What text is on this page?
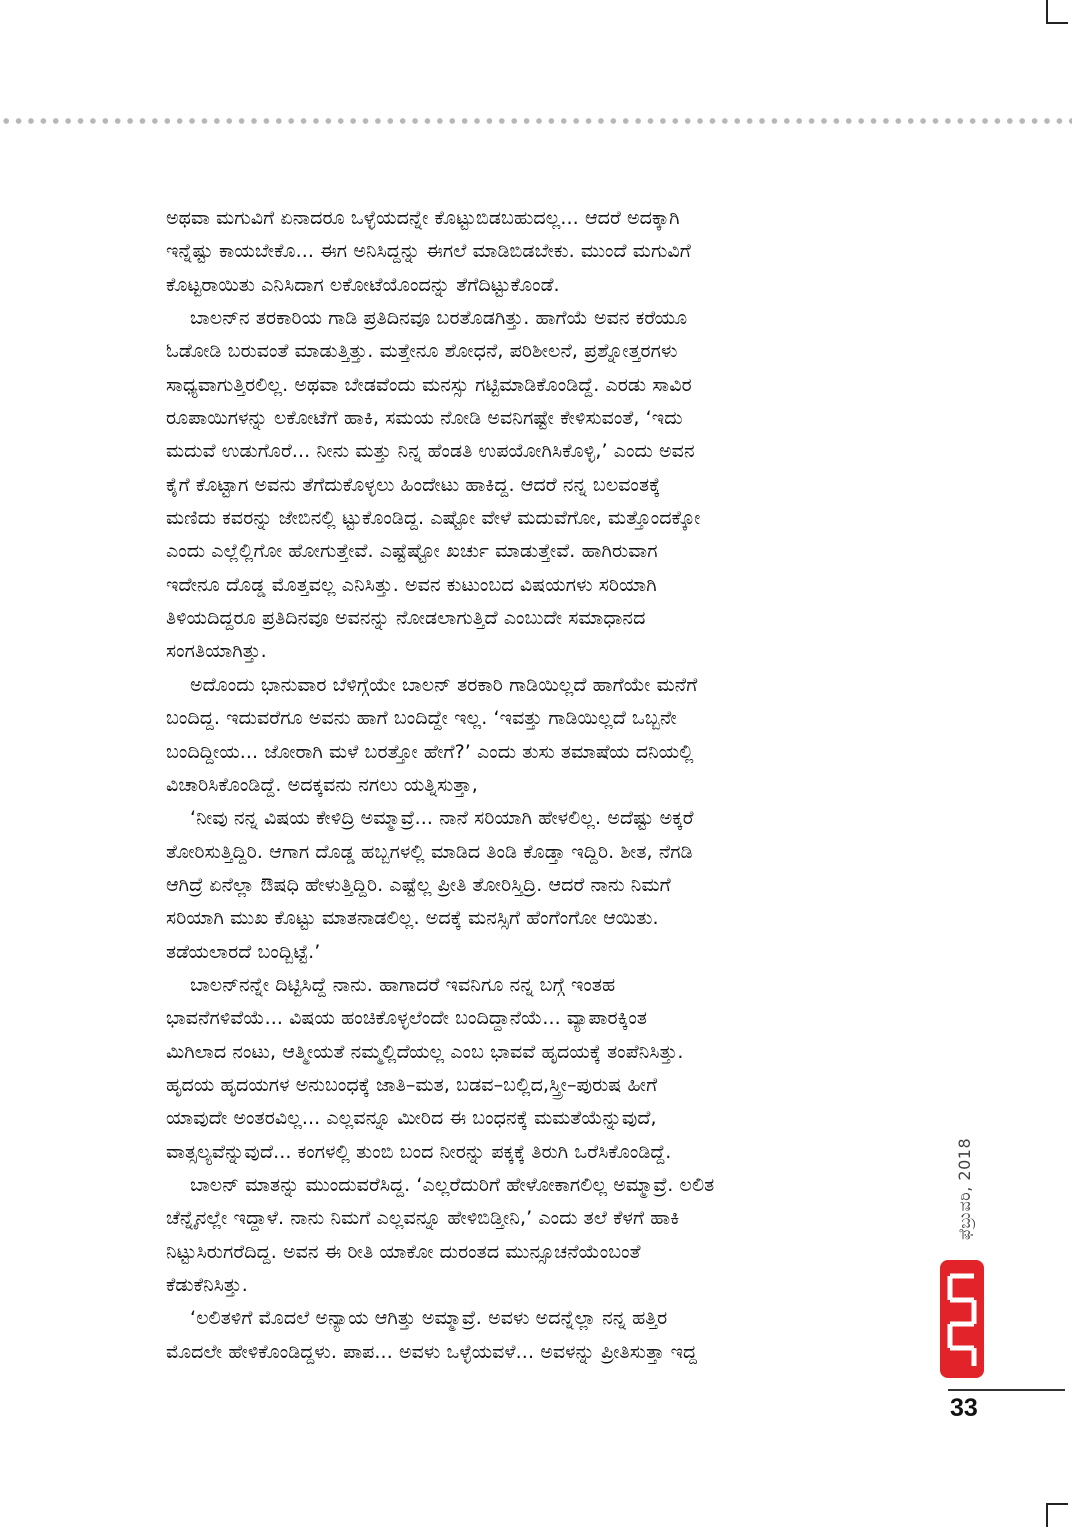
ಅಥವಾ ಮಗುವಿಗೆ ಏನಾದರೂ ಒಳ್ಳೆಯದನ್ನೇ ಕೊಟ್ಟುಬಿಡಬಹುದಲ್ಲ... ಆದರೆ ಅದಕ್ಕಾಗಿ
ಇನ್ನೆಷ್ಟು ಕಾಯಬೇಕೊ... ಈಗ ಅನಿಸಿದ್ದನ್ನು ಈಗಲೆ ಮಾಡಿಬಿಡಬೇಕು. ಮುಂದೆ ಮಗುವಿಗೆ
ಕೊಟ್ಟರಾಯಿತು ಎನಿಸಿದಾಗ ಲಕೋಟೆಯೊಂದನ್ನು ತೆಗೆದಿಟ್ಟುಕೊಂಡೆ.
ಬಾಲನ್‌ನ ತರಕಾರಿಯ ಗಾಡಿ ಪ್ರತಿದಿನವೂ ಬರತೊಡಗಿತ್ತು. ಹಾಗೆಯೆ ಅವನ ಕರೆಯೂ
ಓಡೋಡಿ ಬರುವಂತೆ ಮಾಡುತ್ತಿತ್ತು. ಮತ್ತೇನೂ ಶೋಧನೆ, ಪರಿಶೀಲನೆ, ಪ್ರಶ್ನೋತ್ತರಗಳು
ಸಾಧ್ಯವಾಗುತ್ತಿರಲಿಲ್ಲ. ಅಥವಾ ಬೇಡವೆಂದು ಮನಸ್ಸು ಗಟ್ಟಿಮಾಡಿಕೊಂಡಿದ್ದೆ. ಎರಡು ಸಾವಿರ
ರೂಪಾಯಿಗಳನ್ನು ಲಕೋಟೆಗೆ ಹಾಕಿ, ಸಮಯ ನೋಡಿ ಅವನಿಗಷ್ಟೇ ಕೇಳಿಸುವಂತೆ, ‘ಇದು
ಮದುವೆ ಉಡುಗೊರೆ... ನೀನು ಮತ್ತು ನಿನ್ನ ಹೆಂಡತಿ ಉಪಯೋಗಿಸಿಕೊಳ್ಳಿ,’ ಎಂದು ಅವನ
ಕೈಗೆ ಕೊಟ್ಟಾಗ ಅವನು ತೆಗೆದುಕೊಳ್ಳಲು ಹಿಂದೇಟು ಹಾಕಿದ್ದ. ಆದರೆ ನನ್ನ ಬಲವಂತಕ್ಕೆ
ಮಣಿದು ಕವರನ್ನು ಜೇಬಿನಲ್ಲಿ ಟ್ಟುಕೊಂಡಿದ್ದ. ಎಷ್ಟೋ ವೇಳೆ ಮದುವೆಗೋ, ಮತ್ತೊಂದಕ್ಕೋ
ಎಂದು ಎಲ್ಲೆಲ್ಲಿಗೋ ಹೋಗುತ್ತೇವೆ. ಎಷ್ಟೆಷ್ಟೋ ಖರ್ಚು ಮಾಡುತ್ತೇವೆ. ಹಾಗಿರುವಾಗ
ಇದೇನೂ ದೊಡ್ಡ ಮೊತ್ತವಲ್ಲ ಎನಿಸಿತ್ತು. ಅವನ ಕುಟುಂಬದ ವಿಷಯಗಳು ಸರಿಯಾಗಿ
ತಿಳಿಯದಿದ್ದರೂ ಪ್ರತಿದಿನವೂ ಅವನನ್ನು ನೋಡಲಾಗುತ್ತಿದೆ ಎಂಬುದೇ ಸಮಾಧಾನದ
ಸಂಗತಿಯಾಗಿತ್ತು.
ಅದೊಂದು ಭಾನುವಾರ ಬೆಳಿಗ್ಗೆಯೇ ಬಾಲನ್ ತರಕಾರಿ ಗಾಡಿಯಿಲ್ಲದೆ ಹಾಗೆಯೇ ಮನೆಗೆ
ಬಂದಿದ್ದ. ಇದುವರೆಗೂ ಅವನು ಹಾಗೆ ಬಂದಿದ್ದೇ ಇಲ್ಲ. ‘ಇವತ್ತು ಗಾಡಿಯಿಲ್ಲದೆ ಒಬ್ಬನೇ
ಬಂದಿದ್ದೀಯ... ಜೋರಾಗಿ ಮಳೆ ಬರತ್ತೋ ಹೇಗೆ?’ ಎಂದು ತುಸು ತಮಾಷೆಯ ದನಿಯಲ್ಲಿ
ವಿಚಾರಿಸಿಕೊಂಡಿದ್ದೆ. ಅದಕ್ಕವನು ನಗಲು ಯತ್ನಿಸುತ್ತಾ,
‘ನೀವು ನನ್ನ ವಿಷಯ ಕೇಳಿದ್ರಿ ಅಮ್ಮಾವ್ರೆ... ನಾನೆ ಸರಿಯಾಗಿ ಹೇಳಲಿಲ್ಲ. ಅದೆಷ್ಟು ಅಕ್ಕರೆ
ತೋರಿಸುತ್ತಿದ್ದಿರಿ. ಆಗಾಗ ದೊಡ್ಡ ಹಬ್ಬಗಳಲ್ಲಿ ಮಾಡಿದ ತಿಂಡಿ ಕೊಡ್ತಾ ಇದ್ದಿರಿ. ಶೀತ, ನೆಗಡಿ
ಆಗಿದ್ರೆ ಏನೆಲ್ಲಾ ಔಷಧಿ ಹೇಳುತ್ತಿದ್ದಿರಿ. ಎಷ್ಟೆಲ್ಲ ಪ್ರೀತಿ ತೋರಿಸ್ತಿದ್ರಿ. ಆದರೆ ನಾನು ನಿಮಗೆ
ಸರಿಯಾಗಿ ಮುಖ ಕೊಟ್ಟು ಮಾತನಾಡಲಿಲ್ಲ. ಅದಕ್ಕೆ ಮನಸ್ಸಿಗೆ ಹೆಂಗೆಂಗೋ ಆಯಿತು.
ತಡೆಯಲಾರದೆ ಬಂದ್ಬಿಟ್ಟೆ.’
ಬಾಲನ್‌ನನ್ನೇ ದಿಟ್ಟಿಸಿದ್ದೆ ನಾನು. ಹಾಗಾದರೆ ಇವನಿಗೂ ನನ್ನ ಬಗ್ಗೆ ಇಂತಹ
ಭಾವನೆಗಳಿವೆಯೆ... ವಿಷಯ ಹಂಚಿಕೊಳ್ಳಲೆಂದೇ ಬಂದಿದ್ದಾನೆಯೆ... ವ್ಯಾಪಾರಕ್ಕಿಂತ
ಮಿಗಿಲಾದ ನಂಟು, ಆತ್ಮೀಯತೆ ನಮ್ಮಲ್ಲಿದೆಯಲ್ಲ ಎಂಬ ಭಾವವೆ ಹೃದಯಕ್ಕೆ ತಂಪೆನಿಸಿತ್ತು.
ಹೃದಯ ಹೃದಯಗಳ ಅನುಬಂಧಕ್ಕೆ ಜಾತಿ–ಮತ, ಬಡವ–ಬಲ್ಲಿದ,ಸ್ತ್ರೀ–ಪುರುಷ ಹೀಗೆ
ಯಾವುದೇ ಅಂತರವಿಲ್ಲ... ಎಲ್ಲವನ್ನೂ ಮೀರಿದ ಈ ಬಂಧನಕ್ಕೆ ಮಮತೆಯೆನ್ನುವುದೆ,
ವಾತ್ಸಲ್ಯವೆನ್ನುವುದೆ... ಕಂಗಳಲ್ಲಿ ತುಂಬಿ ಬಂದ ನೀರನ್ನು ಪಕ್ಕಕ್ಕೆ ತಿರುಗಿ ಒರೆಸಿಕೊಂಡಿದ್ದೆ.
ಬಾಲನ್ ಮಾತನ್ನು ಮುಂದುವರೆಸಿದ್ದ. ‘ಎಲ್ಲರೆದುರಿಗೆ ಹೇಳೋಕಾಗಲಿಲ್ಲ ಅಮ್ಮಾವ್ರೆ. ಲಲಿತ
ಚೆನ್ನೈನಲ್ಲೇ ಇದ್ದಾಳೆ. ನಾನು ನಿಮಗೆ ಎಲ್ಲವನ್ನೂ ಹೇಳಿಬಿಡ್ತೀನಿ,’ ಎಂದು ತಲೆ ಕೆಳಗೆ ಹಾಕಿ
ನಿಟ್ಟುಸಿರುಗರೆದಿದ್ದ. ಅವನ ಈ ರೀತಿ ಯಾಕೋ ದುರಂತದ ಮುನ್ಸೂಚನೆಯೆಂಬಂತೆ
ಕೆಡುಕೆನಿಸಿತ್ತು.
‘ಲಲಿತಳಿಗೆ ಮೊದಲೆ ಅನ್ಯಾಯ ಆಗಿತ್ತು ಅಮ್ಮಾವ್ರೆ. ಅವಳು ಅದನ್ನೆಲ್ಲಾ ನನ್ನ ಹತ್ತಿರ
ಮೊದಲೇ ಹೇಳಿಕೊಂಡಿದ್ದಳು. ಪಾಪ... ಅವಳು ಒಳ್ಳೆಯವಳೆ... ಅವಳನ್ನು ಪ್ರೀತಿಸುತ್ತಾ ಇದ್ದ
ಫೆಬ್ರುವರಿ, 2018
33
